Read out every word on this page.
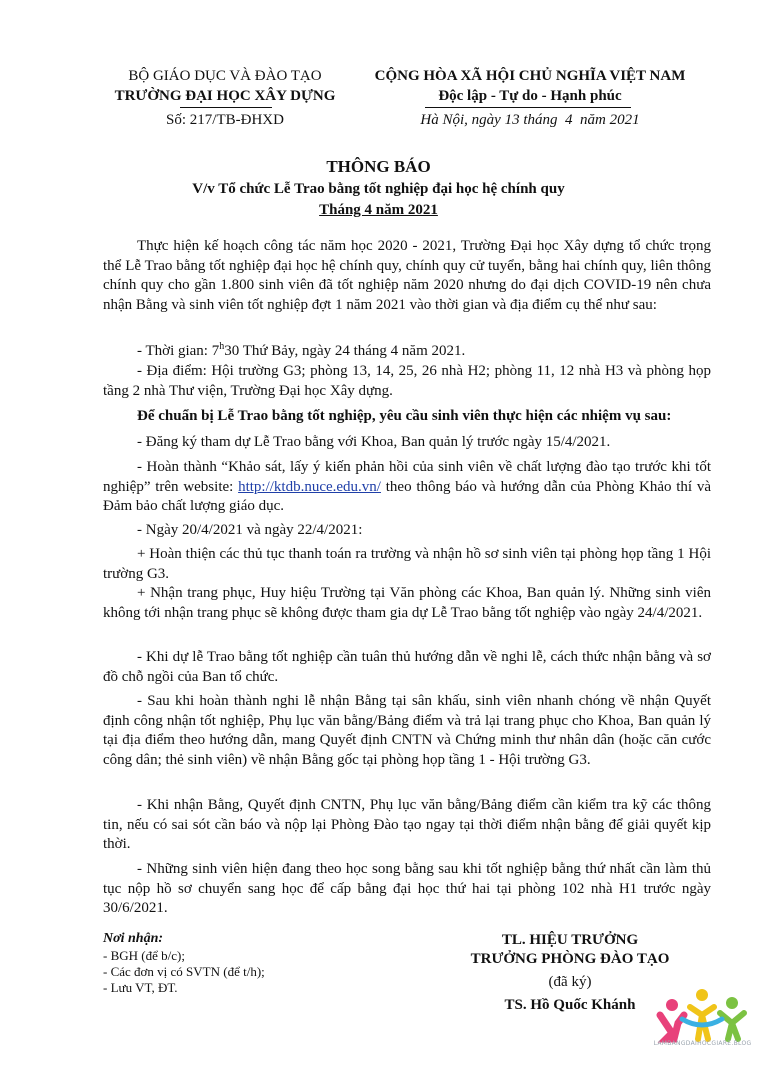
BỘ GIÁO DỤC VÀ ĐÀO TẠO
TRƯỜNG ĐẠI HỌC XÂY DỰNG
Số: 217/TB-ĐHXD
CỘNG HÒA XÃ HỘI CHỦ NGHĨA VIỆT NAM
Độc lập - Tự do - Hạnh phúc
Hà Nội, ngày 13 tháng  4  năm 2021
THÔNG BÁO
V/v Tổ chức Lễ Trao bằng tốt nghiệp đại học hệ chính quy
Tháng 4 năm 2021
Thực hiện kế hoạch công tác năm học 2020 - 2021, Trường Đại học Xây dựng tổ chức trọng thể Lễ Trao bằng tốt nghiệp đại học hệ chính quy, chính quy cử tuyển, bằng hai chính quy, liên thông chính quy cho gần 1.800 sinh viên đã tốt nghiệp năm 2020 nhưng do đại dịch COVID-19 nên chưa nhận Bằng và sinh viên tốt nghiệp đợt 1 năm 2021 vào thời gian và địa điểm cụ thể như sau:
- Thời gian: 7$^h$30 Thứ Bảy, ngày 24 tháng 4 năm 2021.
- Địa điểm: Hội trường G3; phòng 13, 14, 25, 26 nhà H2; phòng 11, 12 nhà H3 và phòng họp tầng 2 nhà Thư viện, Trường Đại học Xây dựng.
Để chuẩn bị Lễ Trao bằng tốt nghiệp, yêu cầu sinh viên thực hiện các nhiệm vụ sau:
- Đăng ký tham dự Lễ Trao bằng với Khoa, Ban quản lý trước ngày 15/4/2021.
- Hoàn thành “Khảo sát, lấy ý kiến phản hồi của sinh viên về chất lượng đào tạo trước khi tốt nghiệp” trên website: http://ktdb.nuce.edu.vn/ theo thông báo và hướng dẫn của Phòng Khảo thí và Đảm bảo chất lượng giáo dục.
- Ngày 20/4/2021 và ngày 22/4/2021:
+ Hoàn thiện các thủ tục thanh toán ra trường và nhận hồ sơ sinh viên tại phòng họp tầng 1 Hội trường G3.
+ Nhận trang phục, Huy hiệu Trường tại Văn phòng các Khoa, Ban quản lý. Những sinh viên không tới nhận trang phục sẽ không được tham gia dự Lễ Trao bằng tốt nghiệp vào ngày 24/4/2021.
- Khi dự lễ Trao bằng tốt nghiệp cần tuân thủ hướng dẫn về nghi lễ, cách thức nhận bằng và sơ đồ chỗ ngồi của Ban tổ chức.
- Sau khi hoàn thành nghi lễ nhận Bằng tại sân khấu, sinh viên nhanh chóng về nhận Quyết định công nhận tốt nghiệp, Phụ lục văn bằng/Bảng điểm và trả lại trang phục cho Khoa, Ban quản lý tại địa điểm theo hướng dẫn, mang Quyết định CNTN và Chứng minh thư nhân dân (hoặc căn cước công dân; thẻ sinh viên) về nhận Bằng gốc tại phòng họp tầng 1 - Hội trường G3.
- Khi nhận Bằng, Quyết định CNTN, Phụ lục văn bằng/Bảng điểm cần kiểm tra kỹ các thông tin, nếu có sai sót cần báo và nộp lại Phòng Đào tạo ngay tại thời điểm nhận bằng để giải quyết kịp thời.
- Những sinh viên hiện đang theo học song bằng sau khi tốt nghiệp bằng thứ nhất cần làm thủ tục nộp hồ sơ chuyển sang học để cấp bằng đại học thứ hai tại phòng 102 nhà H1 trước ngày 30/6/2021.
Nơi nhận:
- BGH (để b/c);
- Các đơn vị có SVTN (để t/h);
- Lưu VT, ĐT.
TL. HIỆU TRƯỞNG
TRƯỞNG PHÒNG ĐÀO TẠO
(đã ký)
TS. Hồ Quốc Khánh
LAMBANGDAIHOCGIARE.BLOG
